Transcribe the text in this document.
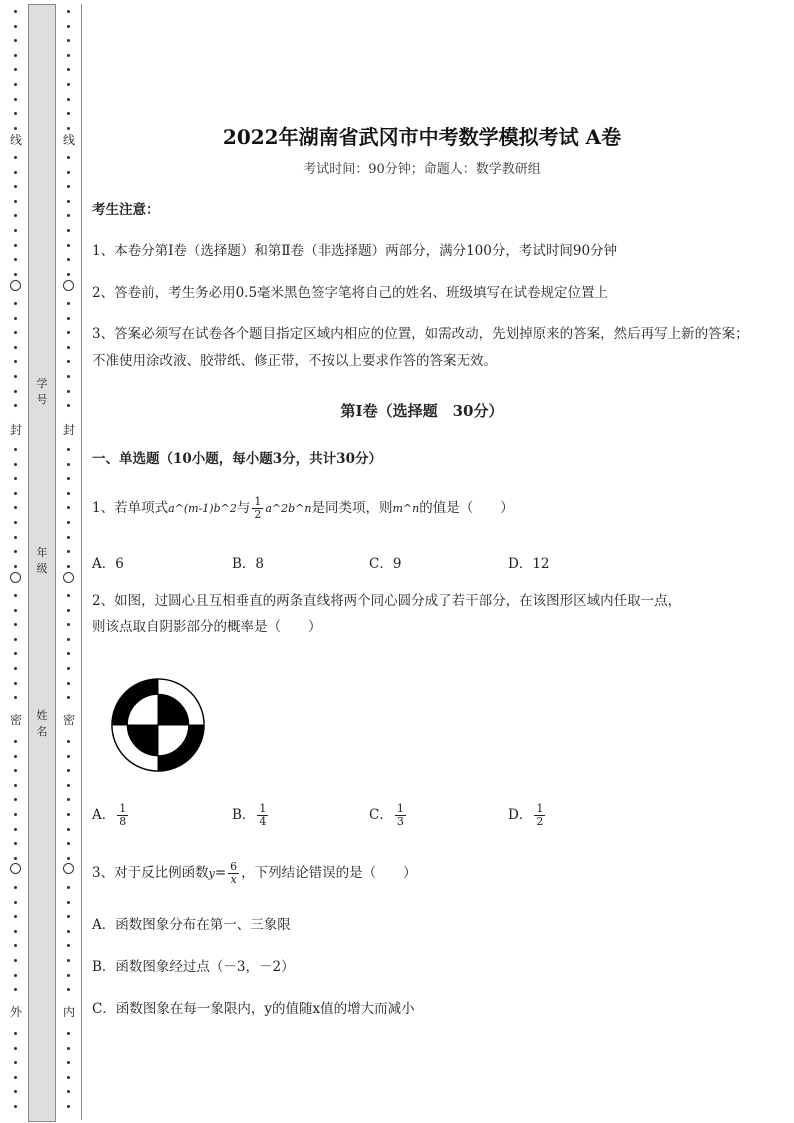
线
封
密
外
学号
年级
姓名
线
封
密
内
2022年湖南省武冈市中考数学模拟考试 A卷
考试时间：90分钟；命题人：数学教研组
考生注意：
1、本卷分第I卷（选择题）和第Ⅱ卷（非选择题）两部分，满分100分，考试时间90分钟
2、答卷前，考生务必用0.5毫米黑色签字笔将自己的姓名、班级填写在试卷规定位置上
3、答案必须写在试卷各个题目指定区域内相应的位置，如需改动，先划掉原来的答案，然后再写上新的答案；不准使用涂改液、胶带纸、修正带，不按以上要求作答的答案无效。
第I卷（选择题　30分）
一、单选题（10小题，每小题3分，共计30分）
1、若单项式a^(m-1)b^2与 $\frac{1}{2}$ a^2b^n是同类项，则m^n的值是（　　）
A．6	B．8	C．9	D．12
2、如图，过圆心且互相垂直的两条直线将两个同心圆分成了若干部分，在该图形区域内任取一点，
则该点取自阴影部分的概率是（　　）
A． $\frac{1}{8}$	B． $\frac{1}{4}$	C． $\frac{1}{3}$	D． $\frac{1}{2}$
3、对于反比例函数$y= \frac{6}{x}$ ，下列结论错误的是（　　）
A．函数图象分布在第一、三象限
B．函数图象经过点（－3，－2）
C．函数图象在每一象限内，y的值随x值的增大而减小
